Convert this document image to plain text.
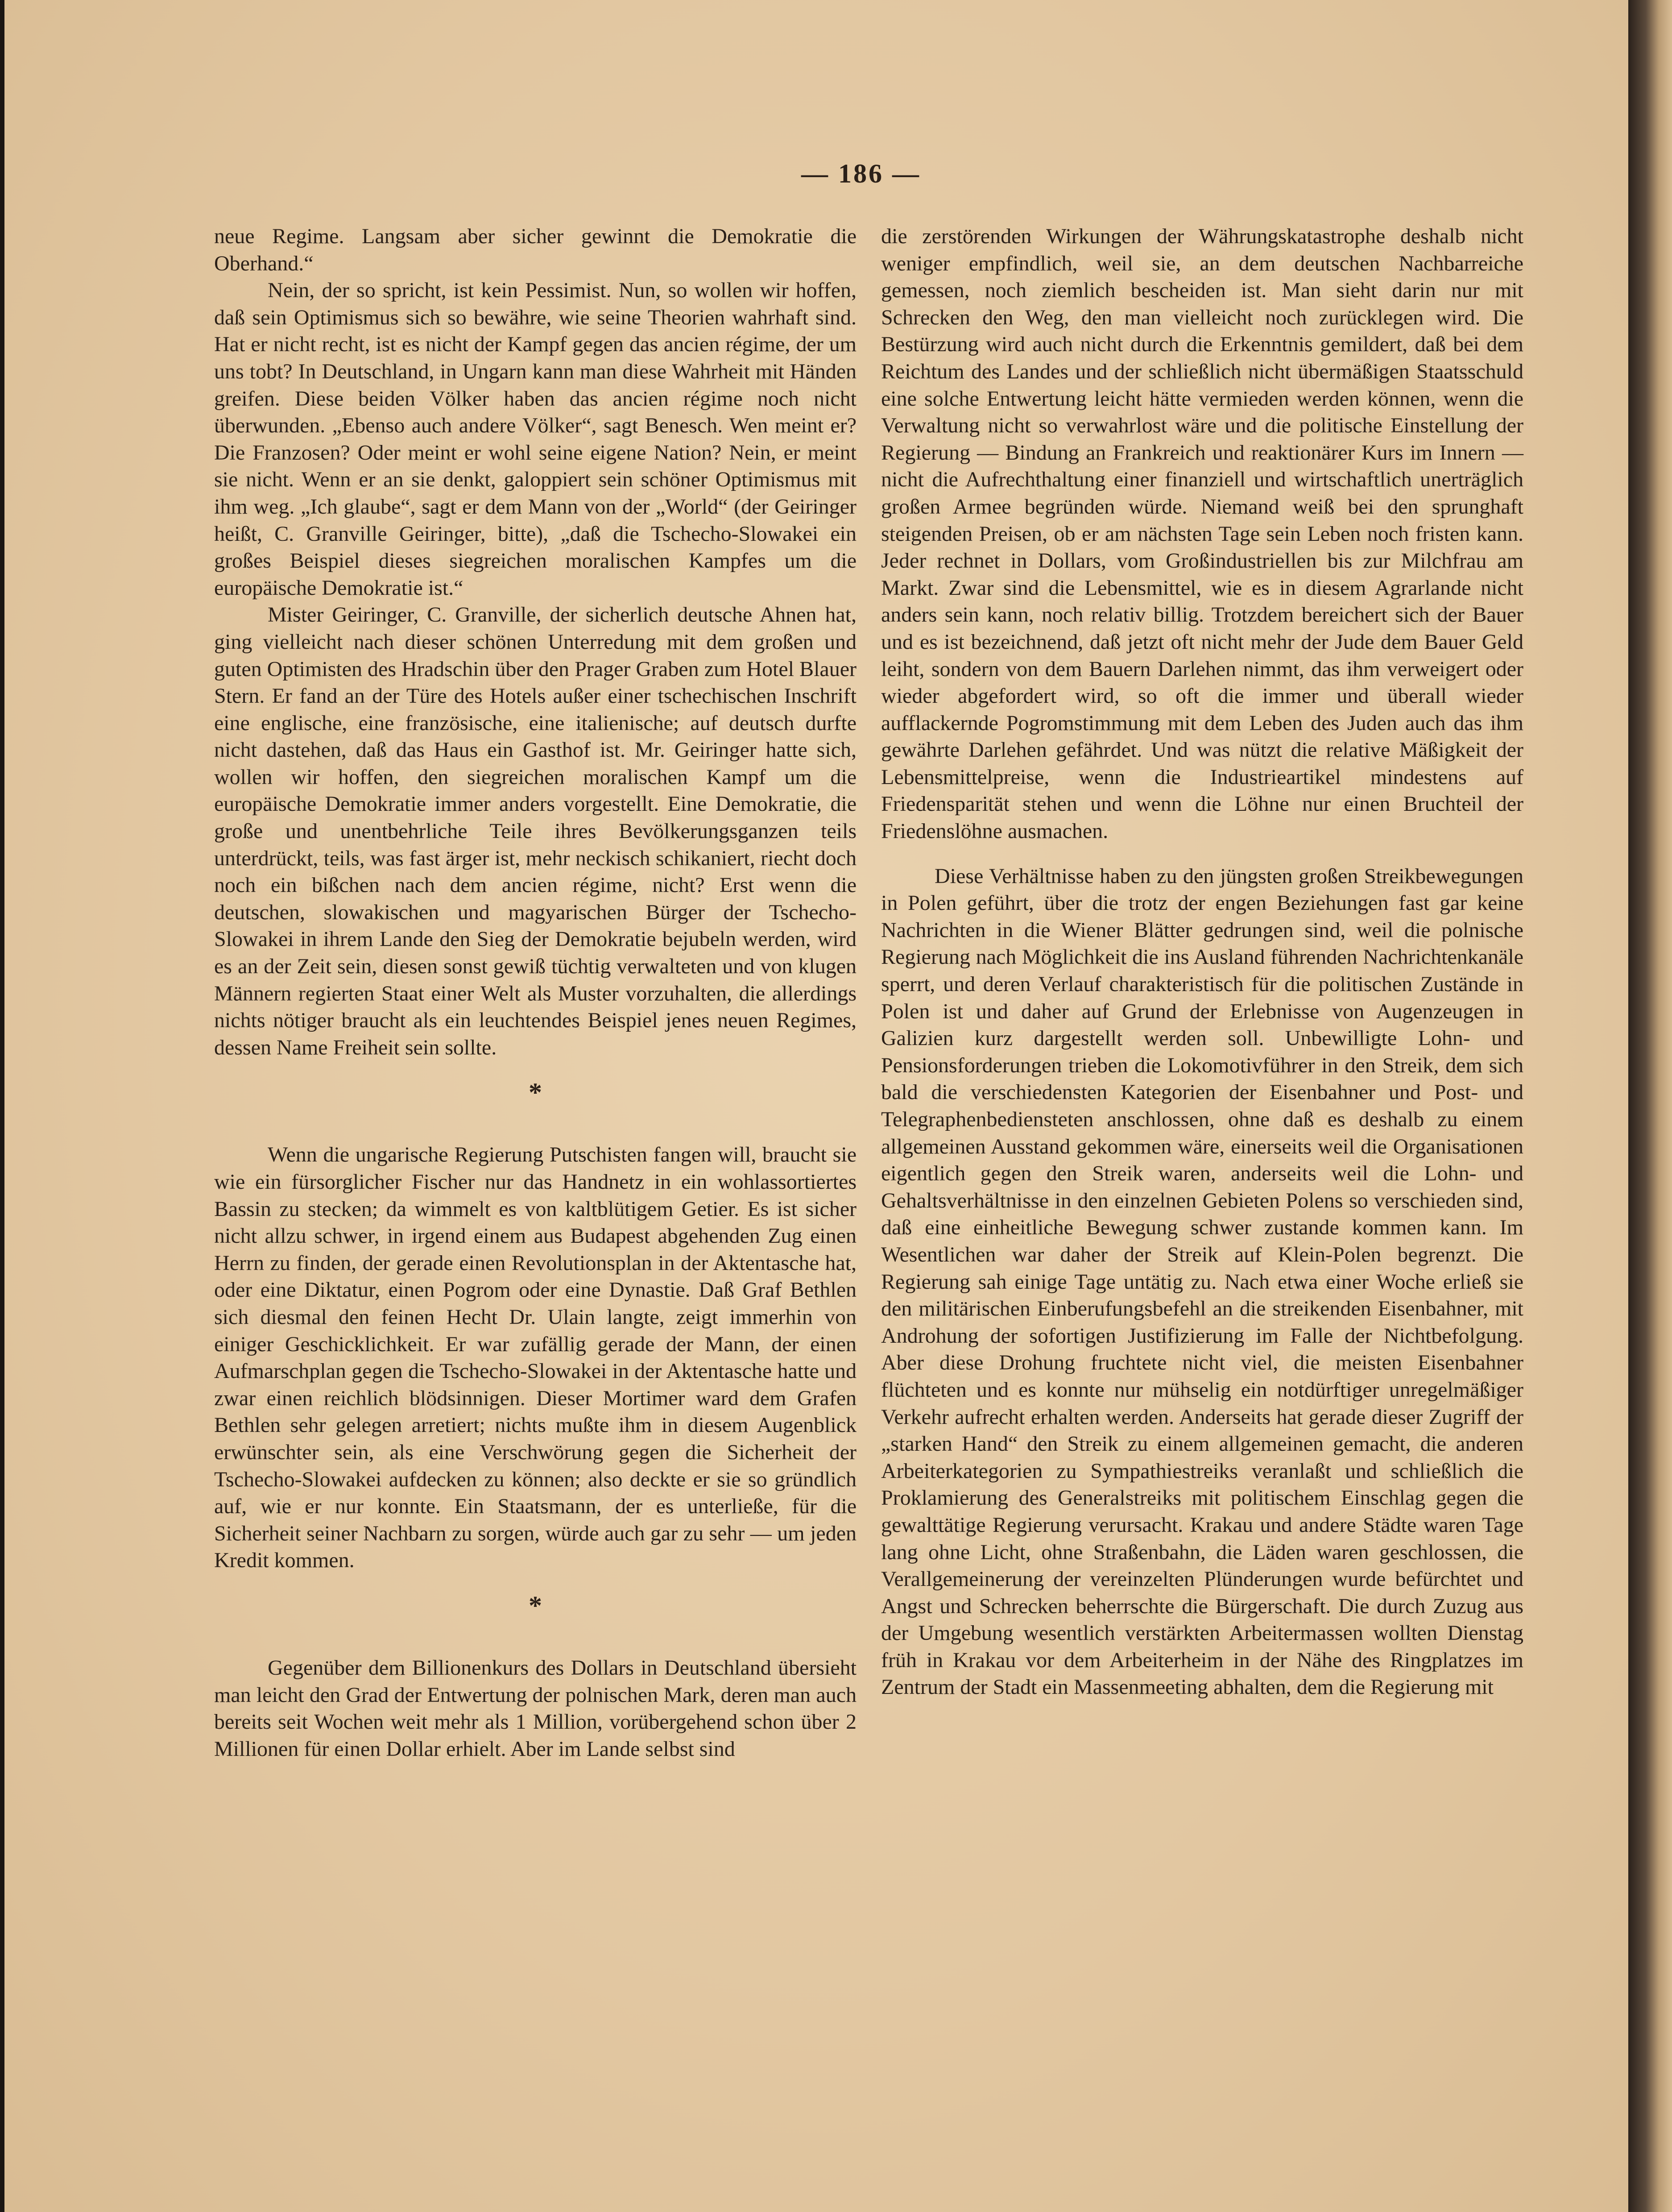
— 186 —

neue Regime. Langsam aber sicher gewinnt die Demokratie die Oberhand.“

Nein, der so spricht, ist kein Pessimist. Nun, so wollen wir hoffen, daß sein Optimismus sich so bewähre, wie seine Theorien wahrhaft sind. Hat er nicht recht, ist es nicht der Kampf gegen das ancien régime, der um uns tobt? In Deutschland, in Ungarn kann man diese Wahrheit mit Händen greifen. Diese beiden Völker haben das ancien régime noch nicht überwunden. „Ebenso auch andere Völker“, sagt Benesch. Wen meint er? Die Franzosen? Oder meint er wohl seine eigene Nation? Nein, er meint sie nicht. Wenn er an sie denkt, galoppiert sein schöner Optimismus mit ihm weg. „Ich glaube“, sagt er dem Mann von der „World“ (der Geiringer heißt, C. Granville Geiringer, bitte), „daß die Tschecho-Slowakei ein großes Beispiel dieses siegreichen moralischen Kampfes um die europäische Demokratie ist.“

Mister Geiringer, C. Granville, der sicherlich deutsche Ahnen hat, ging vielleicht nach dieser schönen Unterredung mit dem großen und guten Optimisten des Hradschin über den Prager Graben zum Hotel Blauer Stern. Er fand an der Türe des Hotels außer einer tschechischen Inschrift eine englische, eine französische, eine italienische; auf deutsch durfte nicht dastehen, daß das Haus ein Gasthof ist. Mr. Geiringer hatte sich, wollen wir hoffen, den siegreichen moralischen Kampf um die europäische Demokratie immer anders vorgestellt. Eine Demokratie, die große und unentbehrliche Teile ihres Bevölkerungsganzen teils unterdrückt, teils, was fast ärger ist, mehr neckisch schikaniert, riecht doch noch ein bißchen nach dem ancien régime, nicht? Erst wenn die deutschen, slowakischen und magyarischen Bürger der Tschecho-Slowakei in ihrem Lande den Sieg der Demokratie bejubeln werden, wird es an der Zeit sein, diesen sonst gewiß tüchtig verwalteten und von klugen Männern regierten Staat einer Welt als Muster vorzuhalten, die allerdings nichts nötiger braucht als ein leuchtendes Beispiel jenes neuen Regimes, dessen Name Freiheit sein sollte.

*

Wenn die ungarische Regierung Putschisten fangen will, braucht sie wie ein fürsorglicher Fischer nur das Handnetz in ein wohlassortiertes Bassin zu stecken; da wimmelt es von kaltblütigem Getier. Es ist sicher nicht allzu schwer, in irgend einem aus Budapest abgehenden Zug einen Herrn zu finden, der gerade einen Revolutionsplan in der Aktentasche hat, oder eine Diktatur, einen Pogrom oder eine Dynastie. Daß Graf Bethlen sich diesmal den feinen Hecht Dr. Ulain langte, zeigt immerhin von einiger Geschicklichkeit. Er war zufällig gerade der Mann, der einen Aufmarschplan gegen die Tschecho-Slowakei in der Aktentasche hatte und zwar einen reichlich blödsinnigen. Dieser Mortimer ward dem Grafen Bethlen sehr gelegen arretiert; nichts mußte ihm in diesem Augenblick erwünschter sein, als eine Verschwörung gegen die Sicherheit der Tschecho-Slowakei aufdecken zu können; also deckte er sie so gründlich auf, wie er nur konnte. Ein Staatsmann, der es unterließe, für die Sicherheit seiner Nachbarn zu sorgen, würde auch gar zu sehr — um jeden Kredit kommen.

*

Gegenüber dem Billionenkurs des Dollars in Deutschland übersieht man leicht den Grad der Entwertung der polnischen Mark, deren man auch bereits seit Wochen weit mehr als 1 Million, vorübergehend schon über 2 Millionen für einen Dollar erhielt. Aber im Lande selbst sind

die zerstörenden Wirkungen der Währungskatastrophe deshalb nicht weniger empfindlich, weil sie, an dem deutschen Nachbarreiche gemessen, noch ziemlich bescheiden ist. Man sieht darin nur mit Schrecken den Weg, den man vielleicht noch zurücklegen wird. Die Bestürzung wird auch nicht durch die Erkenntnis gemildert, daß bei dem Reichtum des Landes und der schließlich nicht übermäßigen Staatsschuld eine solche Entwertung leicht hätte vermieden werden können, wenn die Verwaltung nicht so verwahrlost wäre und die politische Einstellung der Regierung — Bindung an Frankreich und reaktionärer Kurs im Innern — nicht die Aufrechthaltung einer finanziell und wirtschaftlich unerträglich großen Armee begründen würde. Niemand weiß bei den sprunghaft steigenden Preisen, ob er am nächsten Tage sein Leben noch fristen kann. Jeder rechnet in Dollars, vom Großindustriellen bis zur Milchfrau am Markt. Zwar sind die Lebensmittel, wie es in diesem Agrarlande nicht anders sein kann, noch relativ billig. Trotzdem bereichert sich der Bauer und es ist bezeichnend, daß jetzt oft nicht mehr der Jude dem Bauer Geld leiht, sondern von dem Bauern Darlehen nimmt, das ihm verweigert oder wieder abgefordert wird, so oft die immer und überall wieder aufflackernde Pogromstimmung mit dem Leben des Juden auch das ihm gewährte Darlehen gefährdet. Und was nützt die relative Mäßigkeit der Lebensmittelpreise, wenn die Industrieartikel mindestens auf Friedensparität stehen und wenn die Löhne nur einen Bruchteil der Friedenslöhne ausmachen.

Diese Verhältnisse haben zu den jüngsten großen Streikbewegungen in Polen geführt, über die trotz der engen Beziehungen fast gar keine Nachrichten in die Wiener Blätter gedrungen sind, weil die polnische Regierung nach Möglichkeit die ins Ausland führenden Nachrichtenkanäle sperrt, und deren Verlauf charakteristisch für die politischen Zustände in Polen ist und daher auf Grund der Erlebnisse von Augenzeugen in Galizien kurz dargestellt werden soll. Unbewilligte Lohn- und Pensionsforderungen trieben die Lokomotivführer in den Streik, dem sich bald die verschiedensten Kategorien der Eisenbahner und Post- und Telegraphenbediensteten anschlossen, ohne daß es deshalb zu einem allgemeinen Ausstand gekommen wäre, einerseits weil die Organisationen eigentlich gegen den Streik waren, anderseits weil die Lohn- und Gehaltsverhältnisse in den einzelnen Gebieten Polens so verschieden sind, daß eine einheitliche Bewegung schwer zustande kommen kann. Im Wesentlichen war daher der Streik auf Klein-Polen begrenzt. Die Regierung sah einige Tage untätig zu. Nach etwa einer Woche erließ sie den militärischen Einberufungsbefehl an die streikenden Eisenbahner, mit Androhung der sofortigen Justifizierung im Falle der Nichtbefolgung. Aber diese Drohung fruchtete nicht viel, die meisten Eisenbahner flüchteten und es konnte nur mühselig ein notdürftiger unregelmäßiger Verkehr aufrecht erhalten werden. Anderseits hat gerade dieser Zugriff der „starken Hand“ den Streik zu einem allgemeinen gemacht, die anderen Arbeiterkategorien zu Sympathiestreiks veranlaßt und schließlich die Proklamierung des Generalstreiks mit politischem Einschlag gegen die gewalttätige Regierung verursacht. Krakau und andere Städte waren Tage lang ohne Licht, ohne Straßenbahn, die Läden waren geschlossen, die Verallgemeinerung der vereinzelten Plünderungen wurde befürchtet und Angst und Schrecken beherrschte die Bürgerschaft. Die durch Zuzug aus der Umgebung wesentlich verstärkten Arbeitermassen wollten Dienstag früh in Krakau vor dem Arbeiterheim in der Nähe des Ringplatzes im Zentrum der Stadt ein Massenmeeting abhalten, dem die Regierung mit
